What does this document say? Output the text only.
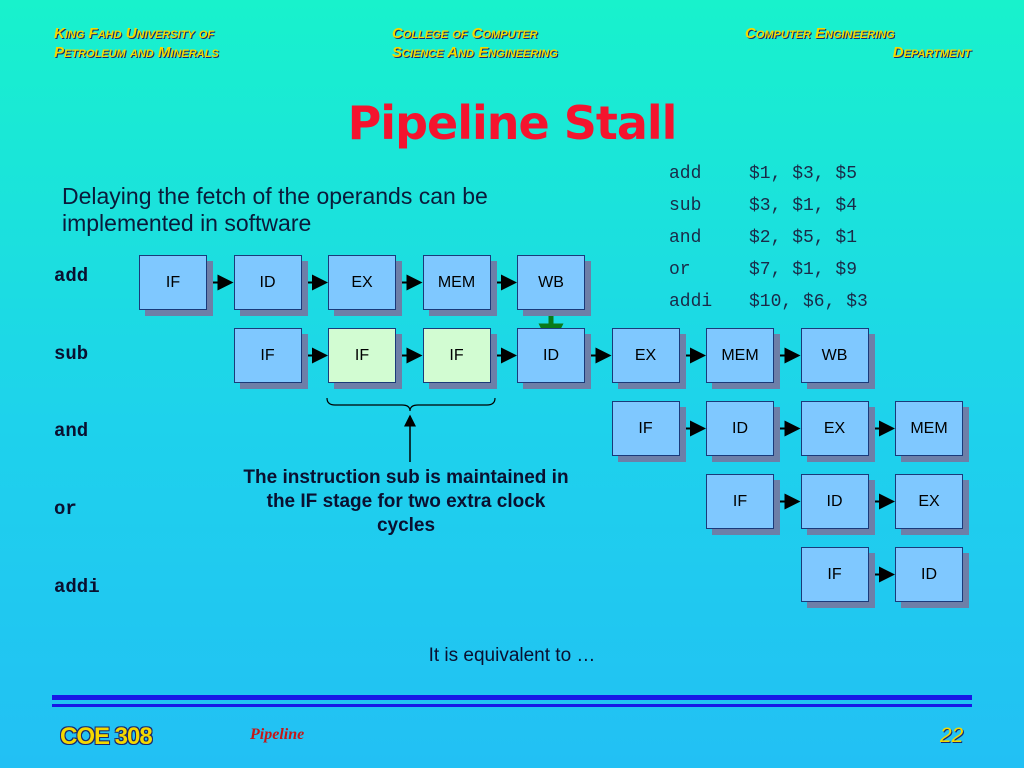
King Fahd University of
Petroleum and Minerals
College of Computer
Science And Engineering
Computer Engineering
Department
Pipeline Stall
Delaying the fetch of the operands can be implemented in software
add	$1, $3, $5
sub	$3, $1, $4
and	$2, $5, $1
or	$7, $1, $9
addi $10, $6, $3
add
sub
and
or
addi
IF	ID	EX	MEM	WB
IF	IF	IF	ID	EX	MEM	WB
IF	ID	EX	MEM
IF	ID	EX
IF	ID
The instruction sub is maintained in the IF stage for two extra clock cycles
It is equivalent to …
COE 308	Pipeline	22
